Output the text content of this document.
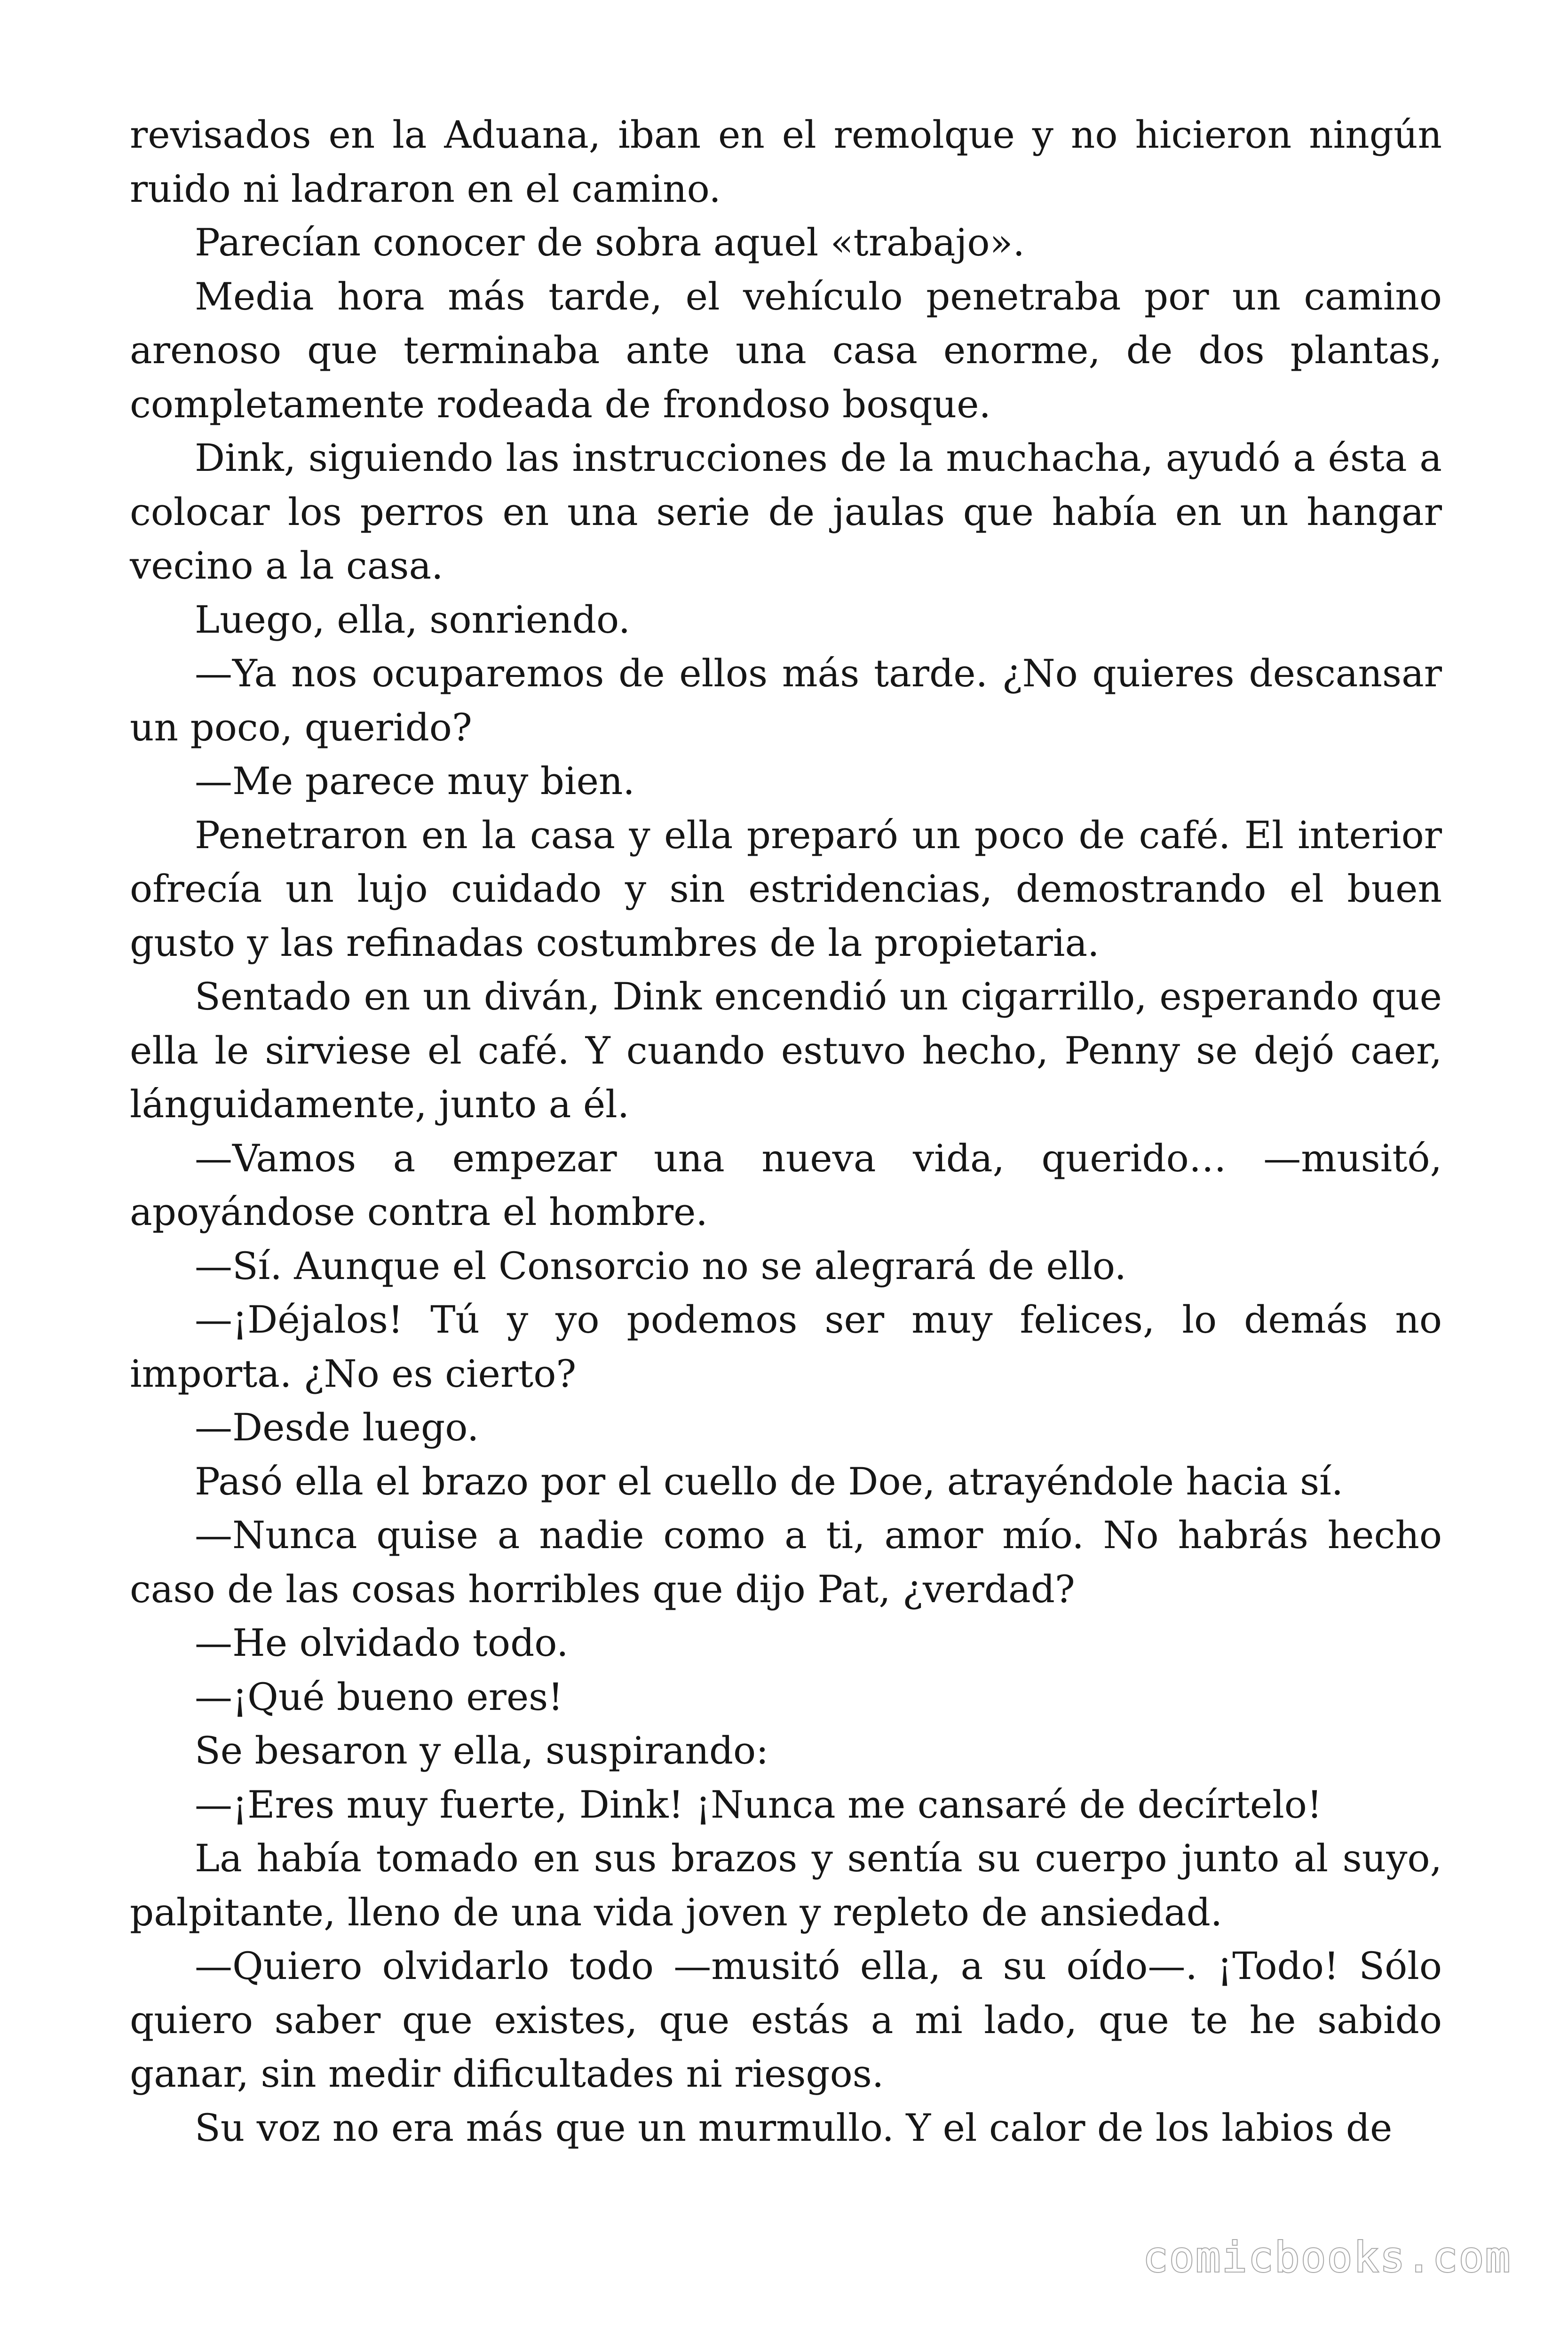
revisados en la Aduana, iban en el remolque y no hicieron ningún ruido ni ladraron en el camino.

Parecían conocer de sobra aquel «trabajo».

Media hora más tarde, el vehículo penetraba por un camino arenoso que terminaba ante una casa enorme, de dos plantas, completamente rodeada de frondoso bosque.

Dink, siguiendo las instrucciones de la muchacha, ayudó a ésta a colocar los perros en una serie de jaulas que había en un hangar vecino a la casa.

Luego, ella, sonriendo.

—Ya nos ocuparemos de ellos más tarde. ¿No quieres descansar un poco, querido?

—Me parece muy bien.

Penetraron en la casa y ella preparó un poco de café. El interior ofrecía un lujo cuidado y sin estridencias, demostrando el buen gusto y las refinadas costumbres de la propietaria.

Sentado en un diván, Dink encendió un cigarrillo, esperando que ella le sirviese el café. Y cuando estuvo hecho, Penny se dejó caer, lánguidamente, junto a él.

—Vamos a empezar una nueva vida, querido… —musitó, apoyándose contra el hombre.

—Sí. Aunque el Consorcio no se alegrará de ello.

—¡Déjalos! Tú y yo podemos ser muy felices, lo demás no importa. ¿No es cierto?

—Desde luego.

Pasó ella el brazo por el cuello de Doe, atrayéndole hacia sí.

—Nunca quise a nadie como a ti, amor mío. No habrás hecho caso de las cosas horribles que dijo Pat, ¿verdad?

—He olvidado todo.

—¡Qué bueno eres!

Se besaron y ella, suspirando:

—¡Eres muy fuerte, Dink! ¡Nunca me cansaré de decírtelo!

La había tomado en sus brazos y sentía su cuerpo junto al suyo, palpitante, lleno de una vida joven y repleto de ansiedad.

—Quiero olvidarlo todo —musitó ella, a su oído—. ¡Todo! Sólo quiero saber que existes, que estás a mi lado, que te he sabido ganar, sin medir dificultades ni riesgos.

Su voz no era más que un murmullo. Y el calor de los labios de

comicbooks.com
